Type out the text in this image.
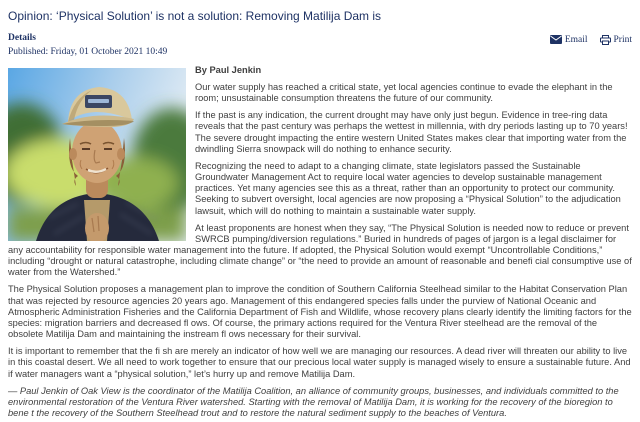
Opinion: ‘Physical Solution’ is not a solution: Removing Matilija Dam is
Details
Published: Friday, 01 October 2021 10:49
Email	Print

By Paul Jenkin

Our water supply has reached a critical state, yet local agencies continue to evade the elephant in the room; unsustainable consumption threatens the future of our community.

If the past is any indication, the current drought may have only just begun. Evidence in tree-ring data reveals that the past century was perhaps the wettest in millennia, with dry periods lasting up to 70 years! The severe drought impacting the entire western United States makes clear that importing water from the dwindling Sierra snowpack will do nothing to enhance security.

Recognizing the need to adapt to a changing climate, state legislators passed the Sustainable Groundwater Management Act to require local water agencies to develop sustainable management practices. Yet many agencies see this as a threat, rather than an opportunity to protect our community. Seeking to subvert oversight, local agencies are now proposing a “Physical Solution” to the adjudication lawsuit, which will do nothing to maintain a sustainable water supply.

At least proponents are honest when they say, “The Physical Solution is needed now to reduce or prevent SWRCB pumping/diversion regulations.” Buried in hundreds of pages of jargon is a legal disclaimer for any accountability for responsible water management into the future. If adopted, the Physical Solution would exempt “Uncontrollable Conditions,” including “drought or natural catastrophe, including climate change” or “the need to provide an amount of reasonable and benefi cial consumptive use of water from the Watershed.”

The Physical Solution proposes a management plan to improve the condition of Southern California Steelhead similar to the Habitat Conservation Plan that was rejected by resource agencies 20 years ago. Management of this endangered species falls under the purview of National Oceanic and Atmospheric Administration Fisheries and the California Department of Fish and Wildlife, whose recovery plans clearly identify the limiting factors for the species: migration barriers and decreased fl ows. Of course, the primary actions required for the Ventura River steelhead are the removal of the obsolete Matilija Dam and maintaining the instream fl ows necessary for their survival.

It is important to remember that the fi sh are merely an indicator of how well we are managing our resources. A dead river will threaten our ability to live in this coastal desert. We all need to work together to ensure that our precious local water supply is managed wisely to ensure a sustainable future. And if water managers want a “physical solution,” let’s hurry up and remove Matilija Dam.

— Paul Jenkin of Oak View is the coordinator of the Matilija Coalition, an alliance of community groups, businesses, and individuals committed to the environmental restoration of the Ventura River watershed. Starting with the removal of Matilija Dam, it is working for the recovery of the bioregion to bene t the recovery of the Southern Steelhead trout and to restore the natural sediment supply to the beaches of Ventura.
